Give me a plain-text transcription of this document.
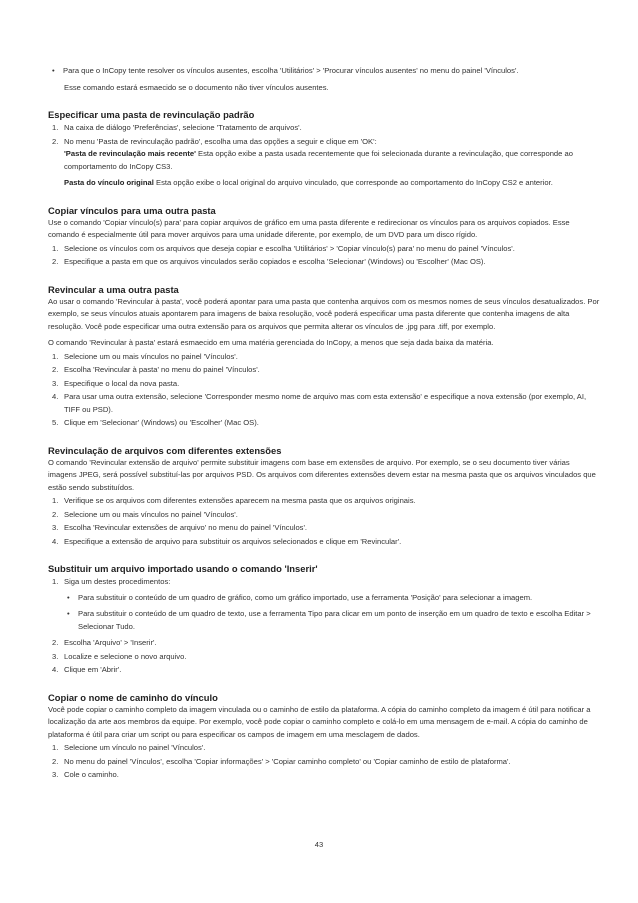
• Para que o InCopy tente resolver os vínculos ausentes, escolha 'Utilitários' > 'Procurar vínculos ausentes' no menu do painel 'Vínculos'.

Esse comando estará esmaecido se o documento não tiver vínculos ausentes.

Especificar uma pasta de revinculação padrão
1. Na caixa de diálogo 'Preferências', selecione 'Tratamento de arquivos'.
2. No menu 'Pasta de revinculação padrão', escolha uma das opções a seguir e clique em 'OK':

'Pasta de revinculação mais recente' Esta opção exibe a pasta usada recentemente que foi selecionada durante a revinculação, que corresponde ao comportamento do InCopy CS3.

Pasta do vínculo original Esta opção exibe o local original do arquivo vinculado, que corresponde ao comportamento do InCopy CS2 e anterior.

Copiar vínculos para uma outra pasta

Use o comando 'Copiar vínculo(s) para' para copiar arquivos de gráfico em uma pasta diferente e redirecionar os vínculos para os arquivos copiados. Esse comando é especialmente útil para mover arquivos para uma unidade diferente, por exemplo, de um DVD para um disco rígido.

1. Selecione os vínculos com os arquivos que deseja copiar e escolha 'Utilitários' > 'Copiar vínculo(s) para' no menu do painel 'Vínculos'.
2. Especifique a pasta em que os arquivos vinculados serão copiados e escolha 'Selecionar' (Windows) ou 'Escolher' (Mac OS).
Revincular a uma outra pasta

Ao usar o comando 'Revincular à pasta', você poderá apontar para uma pasta que contenha arquivos com os mesmos nomes de seus vínculos desatualizados. Por exemplo, se seus vínculos atuais apontarem para imagens de baixa resolução, você poderá especificar uma pasta diferente que contenha imagens de alta resolução. Você pode especificar uma outra extensão para os arquivos que permita alterar os vínculos de .jpg para .tiff, por exemplo.

O comando 'Revincular à pasta' estará esmaecido em uma matéria gerenciada do InCopy, a menos que seja dada baixa da matéria.

1. Selecione um ou mais vínculos no painel 'Vínculos'.
2. Escolha 'Revincular à pasta' no menu do painel 'Vínculos'.
3. Especifique o local da nova pasta.
4. Para usar uma outra extensão, selecione 'Corresponder mesmo nome de arquivo mas com esta extensão' e especifique a nova extensão (por exemplo, AI, TIFF ou PSD).
5. Clique em 'Selecionar' (Windows) ou 'Escolher' (Mac OS).
Revinculação de arquivos com diferentes extensões

O comando 'Revincular extensão de arquivo' permite substituir imagens com base em extensões de arquivo. Por exemplo, se o seu documento tiver várias imagens JPEG, será possível substituí-las por arquivos PSD. Os arquivos com diferentes extensões devem estar na mesma pasta que os arquivos vinculados que estão sendo substituídos.

1. Verifique se os arquivos com diferentes extensões aparecem na mesma pasta que os arquivos originais.
2. Selecione um ou mais vínculos no painel 'Vínculos'.
3. Escolha 'Revincular extensões de arquivo' no menu do painel 'Vínculos'.
4. Especifique a extensão de arquivo para substituir os arquivos selecionados e clique em 'Revincular'.
Substituir um arquivo importado usando o comando 'Inserir'
1. Siga um destes procedimentos:
• Para substituir o conteúdo de um quadro de gráfico, como um gráfico importado, use a ferramenta 'Posição' para selecionar a imagem.
• Para substituir o conteúdo de um quadro de texto, use a ferramenta Tipo para clicar em um ponto de inserção em um quadro de texto e escolha Editar > Selecionar Tudo.
2. Escolha 'Arquivo' > 'Inserir'.
3. Localize e selecione o novo arquivo.
4. Clique em 'Abrir'.
Copiar o nome de caminho do vínculo

Você pode copiar o caminho completo da imagem vinculada ou o caminho de estilo da plataforma. A cópia do caminho completo da imagem é útil para notificar a localização da arte aos membros da equipe. Por exemplo, você pode copiar o caminho completo e colá-lo em uma mensagem de e-mail. A cópia do caminho de plataforma é útil para criar um script ou para especificar os campos de imagem em uma mesclagem de dados.

1. Selecione um vínculo no painel 'Vínculos'.
2. No menu do painel 'Vínculos', escolha 'Copiar informações' > 'Copiar caminho completo' ou 'Copiar caminho de estilo de plataforma'.
3. Cole o caminho.
43
